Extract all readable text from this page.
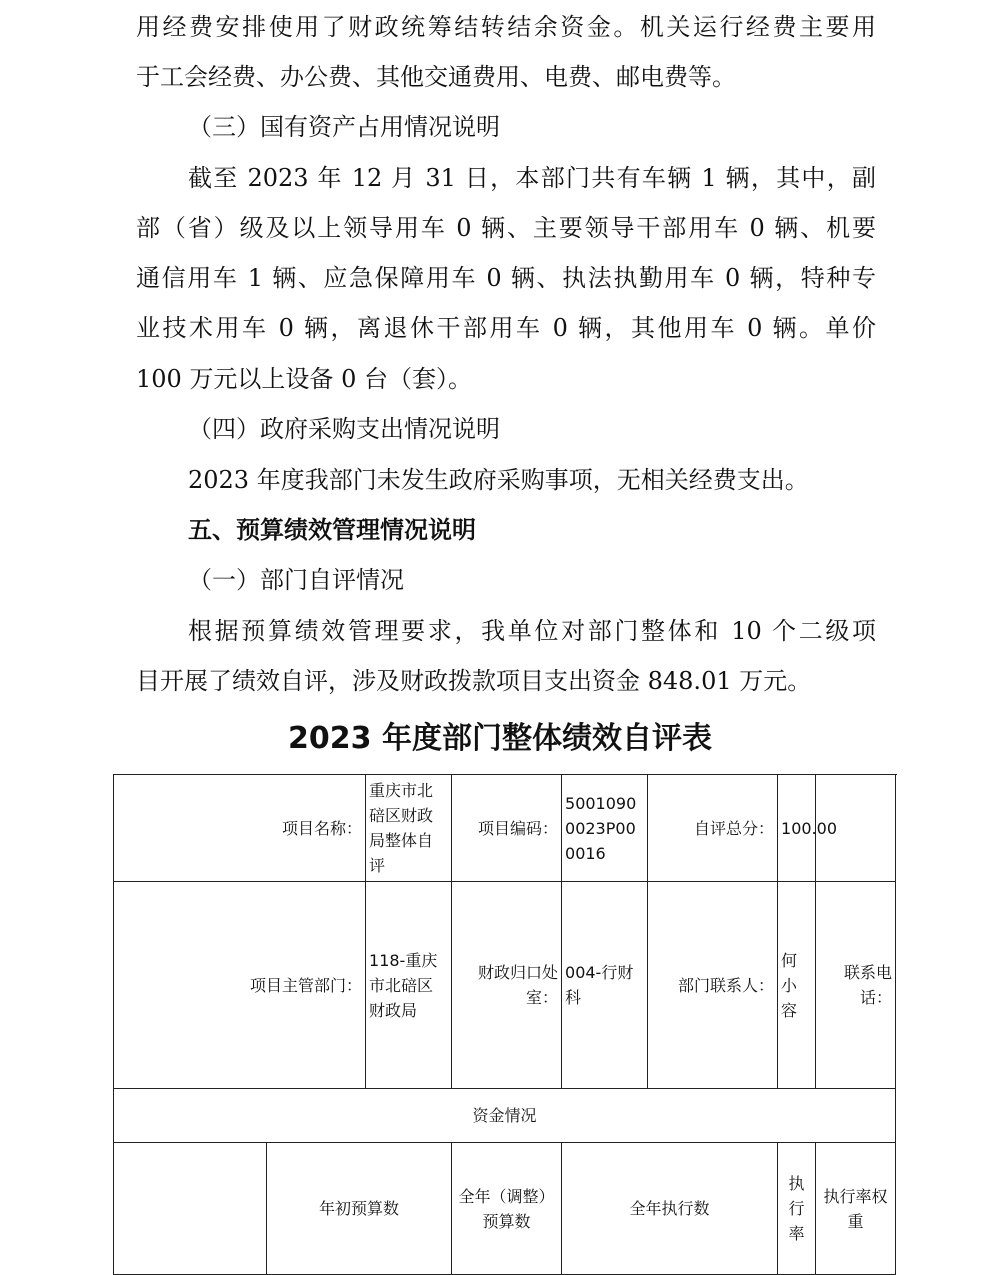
用经费安排使用了财政统筹结转结余资金。机关运行经费主要用
于工会经费、办公费、其他交通费用、电费、邮电费等。
（三）国有资产占用情况说明
截至 2023 年 12 月 31 日，本部门共有车辆 1 辆，其中，副
部（省）级及以上领导用车 0 辆、主要领导干部用车 0 辆、机要
通信用车 1 辆、应急保障用车 0 辆、执法执勤用车 0 辆，特种专
业技术用车 0 辆，离退休干部用车 0 辆，其他用车 0 辆。单价
100 万元以上设备 0 台（套）。
（四）政府采购支出情况说明
2023 年度我部门未发生政府采购事项，无相关经费支出。
五、预算绩效管理情况说明
（一）部门自评情况
根据预算绩效管理要求，我单位对部门整体和 10 个二级项
目开展了绩效自评，涉及财政拨款项目支出资金 848.01 万元。
2023 年度部门整体绩效自评表
项目名称：		重庆市北碚区财政局整体自评	项目编码：	50010900023P000016	自评总分：	100.00		
项目主管部门：		118-重庆市北碚区财政局	财政归口处室：	004-行财科	部门联系人：	何小容	联系电话：	
资金情况								
	年初预算数		全年（调整）预算数	全年执行数		执行率	执行率权重	
